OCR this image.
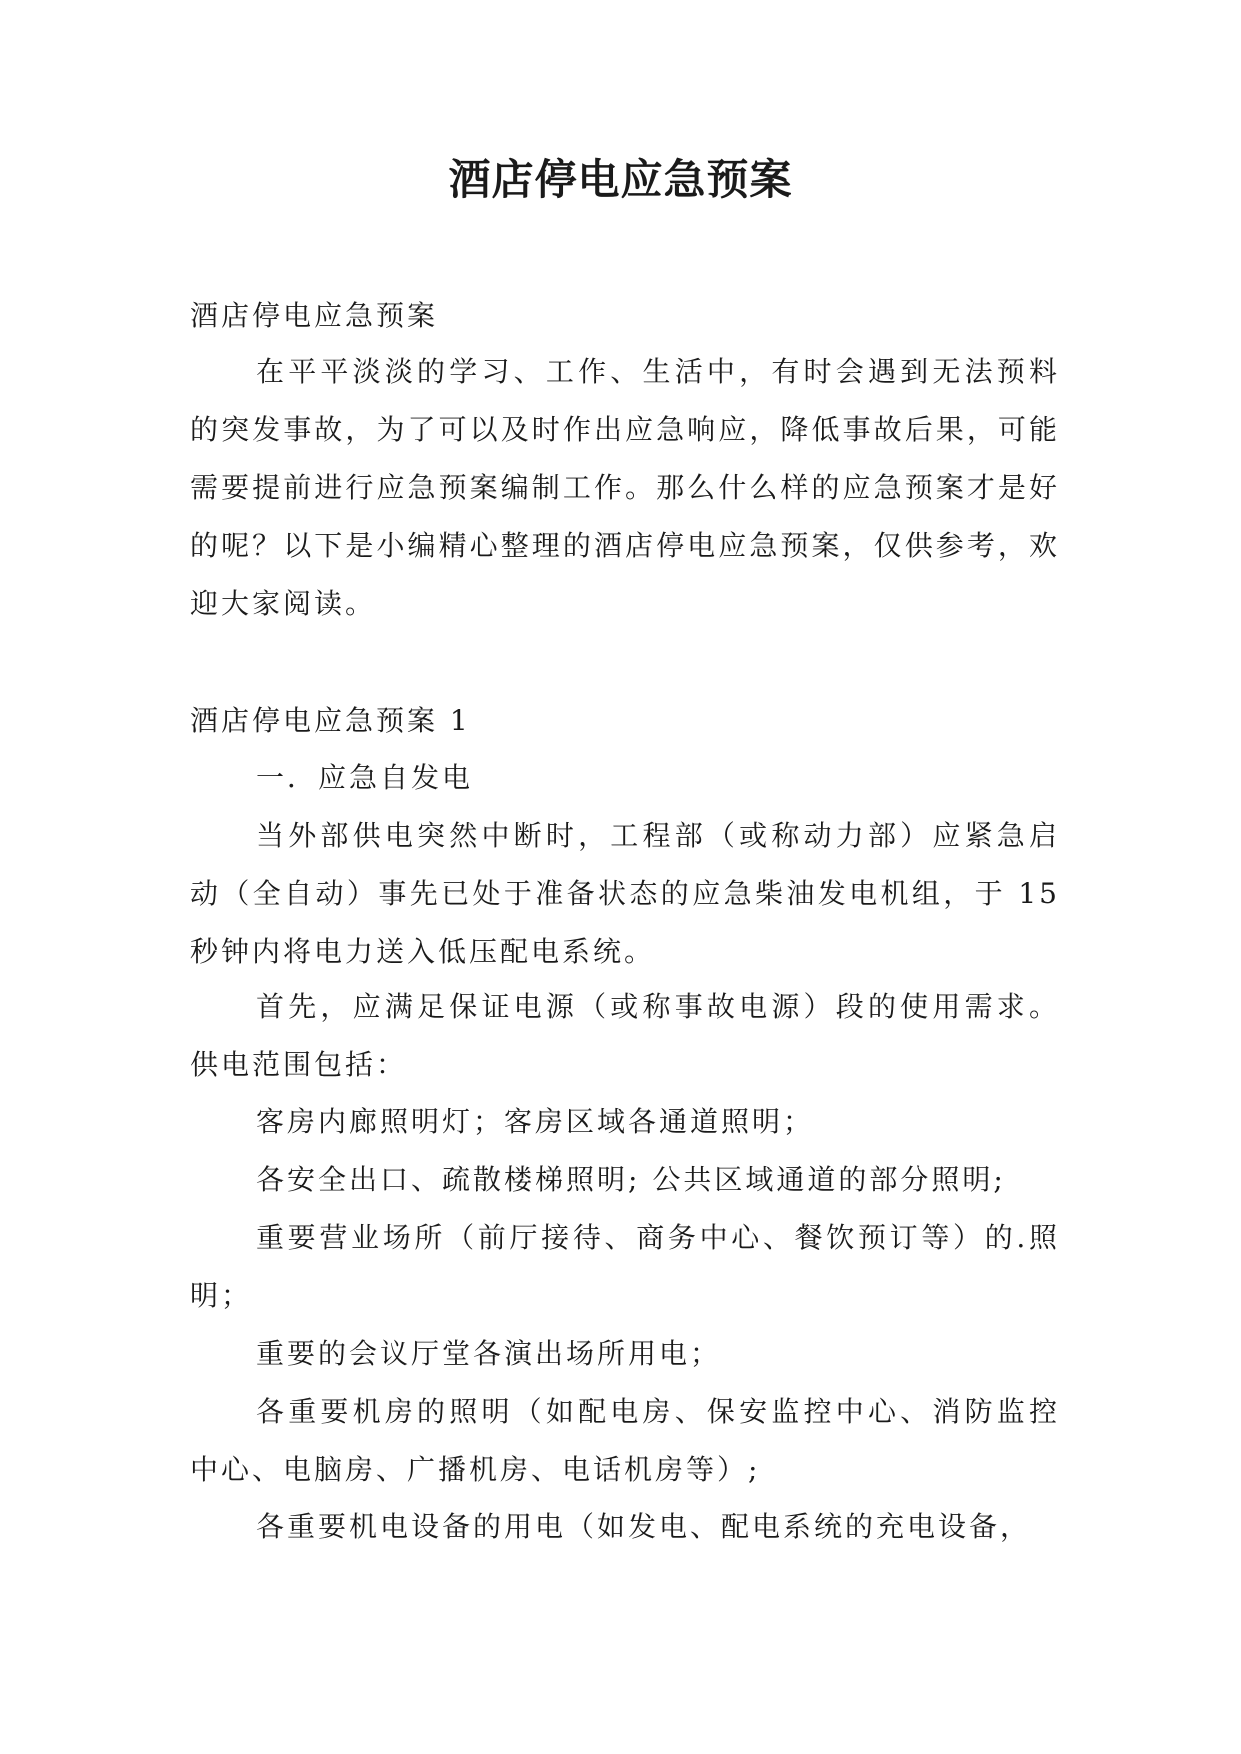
酒店停电应急预案

酒店停电应急预案

在平平淡淡的学习、工作、生活中，有时会遇到无法预料的突发事故，为了可以及时作出应急响应，降低事故后果，可能需要提前进行应急预案编制工作。那么什么样的应急预案才是好的呢？以下是小编精心整理的酒店停电应急预案，仅供参考，欢迎大家阅读。

酒店停电应急预案 1

一．应急自发电

当外部供电突然中断时，工程部（或称动力部）应紧急启动（全自动）事先已处于准备状态的应急柴油发电机组，于 15 秒钟内将电力送入低压配电系统。

首先，应满足保证电源（或称事故电源）段的使用需求。供电范围包括：

客房内廊照明灯；客房区域各通道照明；

各安全出口、疏散楼梯照明; 公共区域通道的部分照明;

重要营业场所（前厅接待、商务中心、餐饮预订等）的.照明；

重要的会议厅堂各演出场所用电；

各重要机房的照明（如配电房、保安监控中心、消防监控中心、电脑房、广播机房、电话机房等）;

各重要机电设备的用电（如发电、配电系统的充电设备，
